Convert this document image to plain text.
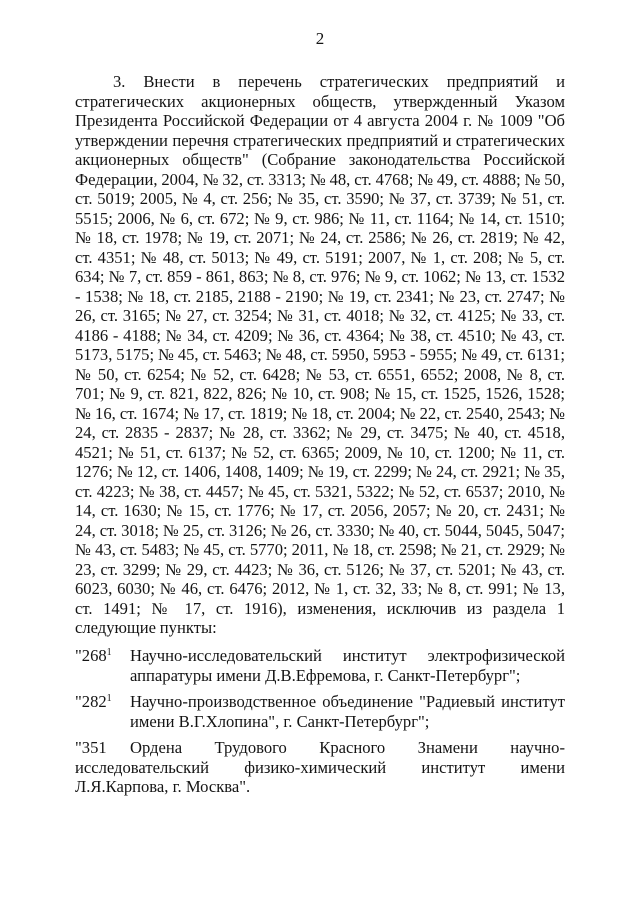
2

3. Внести в перечень стратегических предприятий и стратегических акционерных обществ, утвержденный Указом Президента Российской Федерации от 4 августа 2004 г. № 1009 "Об утверждении перечня стратегических предприятий и стратегических акционерных обществ" (Собрание законодательства Российской Федерации, 2004, № 32, ст. 3313; № 48, ст. 4768; № 49, ст. 4888; № 50, ст. 5019; 2005, № 4, ст. 256; № 35, ст. 3590; № 37, ст. 3739; № 51, ст. 5515; 2006, № 6, ст. 672; № 9, ст. 986; № 11, ст. 1164; № 14, ст. 1510; № 18, ст. 1978; № 19, ст. 2071; № 24, ст. 2586; № 26, ст. 2819; № 42, ст. 4351; № 48, ст. 5013; № 49, ст. 5191; 2007, № 1, ст. 208; № 5, ст. 634; № 7, ст. 859 - 861, 863; № 8, ст. 976; № 9, ст. 1062; № 13, ст. 1532 - 1538; № 18, ст. 2185, 2188 - 2190; № 19, ст. 2341; № 23, ст. 2747; № 26, ст. 3165; № 27, ст. 3254; № 31, ст. 4018; № 32, ст. 4125; № 33, ст. 4186 - 4188; № 34, ст. 4209; № 36, ст. 4364; № 38, ст. 4510; № 43, ст. 5173, 5175; № 45, ст. 5463; № 48, ст. 5950, 5953 - 5955; № 49, ст. 6131; № 50, ст. 6254; № 52, ст. 6428; № 53, ст. 6551, 6552; 2008, № 8, ст. 701; № 9, ст. 821, 822, 826; № 10, ст. 908; № 15, ст. 1525, 1526, 1528; № 16, ст. 1674; № 17, ст. 1819; № 18, ст. 2004; № 22, ст. 2540, 2543; № 24, ст. 2835 - 2837; № 28, ст. 3362; № 29, ст. 3475; № 40, ст. 4518, 4521; № 51, ст. 6137; № 52, ст. 6365; 2009, № 10, ст. 1200; № 11, ст. 1276; № 12, ст. 1406, 1408, 1409; № 19, ст. 2299; № 24, ст. 2921; № 35, ст. 4223; № 38, ст. 4457; № 45, ст. 5321, 5322; № 52, ст. 6537; 2010, № 14, ст. 1630; № 15, ст. 1776; № 17, ст. 2056, 2057; № 20, ст. 2431; № 24, ст. 3018; № 25, ст. 3126; № 26, ст. 3330; № 40, ст. 5044, 5045, 5047; № 43, ст. 5483; № 45, ст. 5770; 2011, № 18, ст. 2598; № 21, ст. 2929; № 23, ст. 3299; № 29, ст. 4423; № 36, ст. 5126; № 37, ст. 5201; № 43, ст. 6023, 6030; № 46, ст. 6476; 2012, № 1, ст. 32, 33; № 8, ст. 991; № 13, ст. 1491; № 17, ст. 1916), изменения, исключив из раздела 1 следующие пункты:

"$268^1$ Научно-исследовательский институт электрофизической аппаратуры имени Д.В.Ефремова, г. Санкт-Петербург";
"$282^1$ Научно-производственное объединение "Радиевый институт имени В.Г.Хлопина", г. Санкт-Петербург";
"351	Ордена Трудового Красного Знамени научно-
исследовательский физико-химический институт имени Л.Я.Карпова, г. Москва".
